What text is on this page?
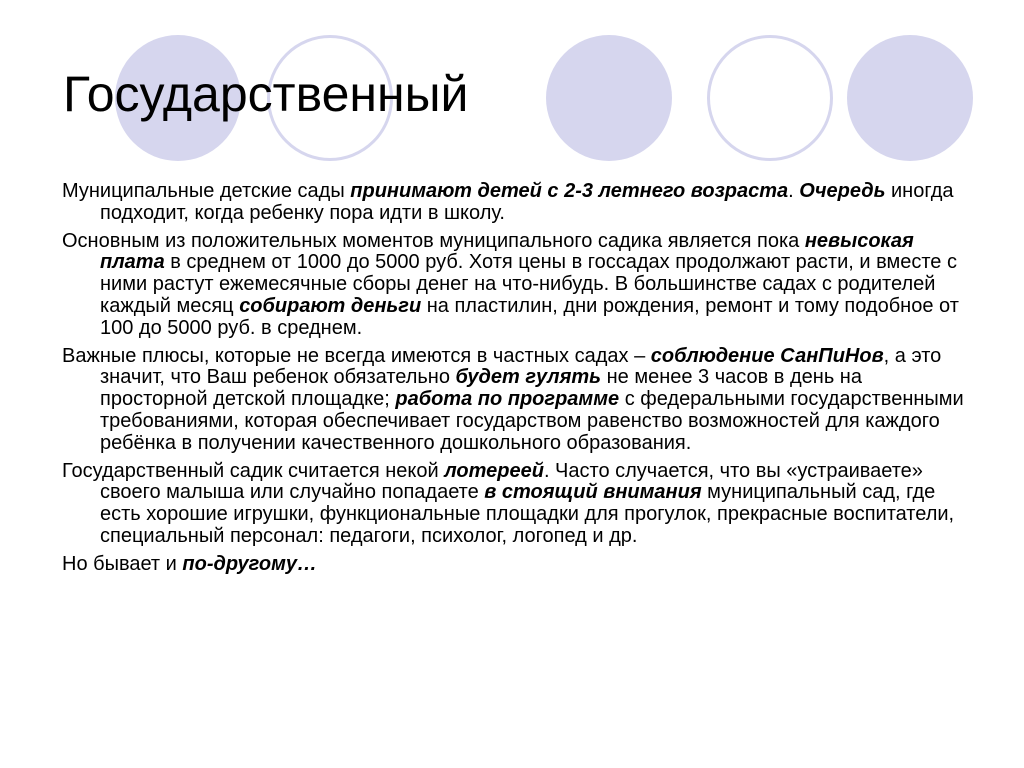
Государственный

Муниципальные детские сады принимают детей с 2-3 летнего возраста. Очередь иногда подходит, когда ребенку пора идти в школу.

Основным из положительных моментов муниципального садика является пока невысокая плата в среднем от 1000 до 5000 руб. Хотя цены в госсадах продолжают расти, и вместе с ними растут ежемесячные сборы денег на что-нибудь. В большинстве садах с родителей каждый месяц собирают деньги на пластилин, дни рождения, ремонт и тому подобное от 100 до 5000 руб. в среднем.

Важные плюсы, которые не всегда имеются в частных садах – соблюдение СанПиНов, а это значит, что Ваш ребенок обязательно будет гулять не менее 3 часов в день на просторной детской площадке; работа по программе с федеральными государственными требованиями, которая обеспечивает государством равенство возможностей для каждого ребёнка в получении качественного дошкольного образования.

Государственный садик считается некой лотереей. Часто случается, что вы «устраиваете» своего малыша или случайно попадаете в стоящий внимания муниципальный сад, где есть хорошие игрушки, функциональные площадки для прогулок, прекрасные воспитатели, специальный персонал: педагоги, психолог, логопед и др.

Но бывает и по-другому…
